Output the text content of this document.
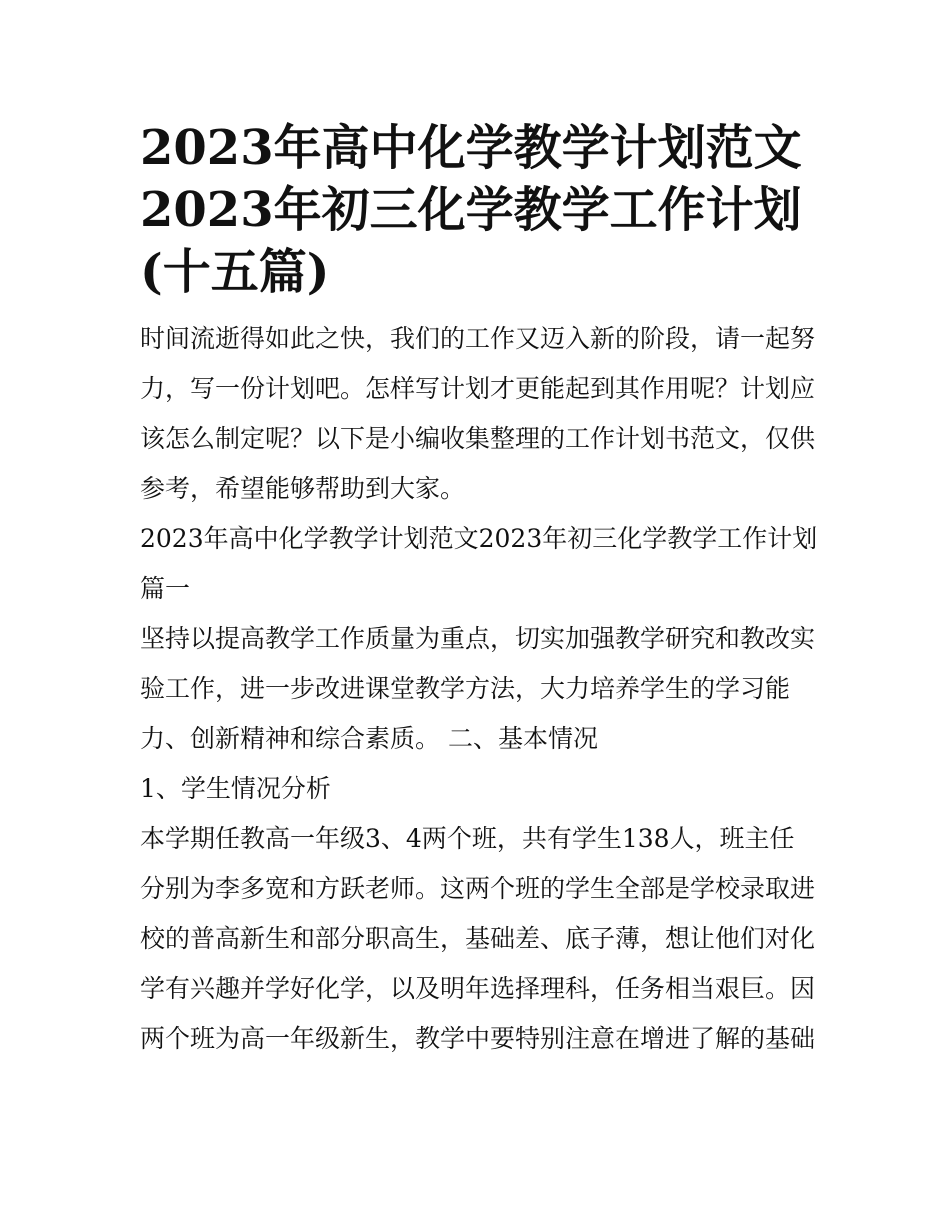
2023年高中化学教学计划范文
2023年初三化学教学工作计划
(十五篇)

时间流逝得如此之快，我们的工作又迈入新的阶段，请一起努
力，写一份计划吧。怎样写计划才更能起到其作用呢？计划应
该怎么制定呢？以下是小编收集整理的工作计划书范文，仅供
参考，希望能够帮助到大家。

2023年高中化学教学计划范文2023年初三化学教学工作计划
篇一

坚持以提高教学工作质量为重点，切实加强教学研究和教改实
验工作，进一步改进课堂教学方法，大力培养学生的学习能
力、创新精神和综合素质。 二、基本情况

1、学生情况分析

本学期任教高一年级3、4两个班，共有学生138人，班主任
分别为李多宽和方跃老师。这两个班的学生全部是学校录取进
校的普高新生和部分职高生，基础差、底子薄，想让他们对化
学有兴趣并学好化学，以及明年选择理科，任务相当艰巨。因
两个班为高一年级新生，教学中要特别注意在增进了解的基础
